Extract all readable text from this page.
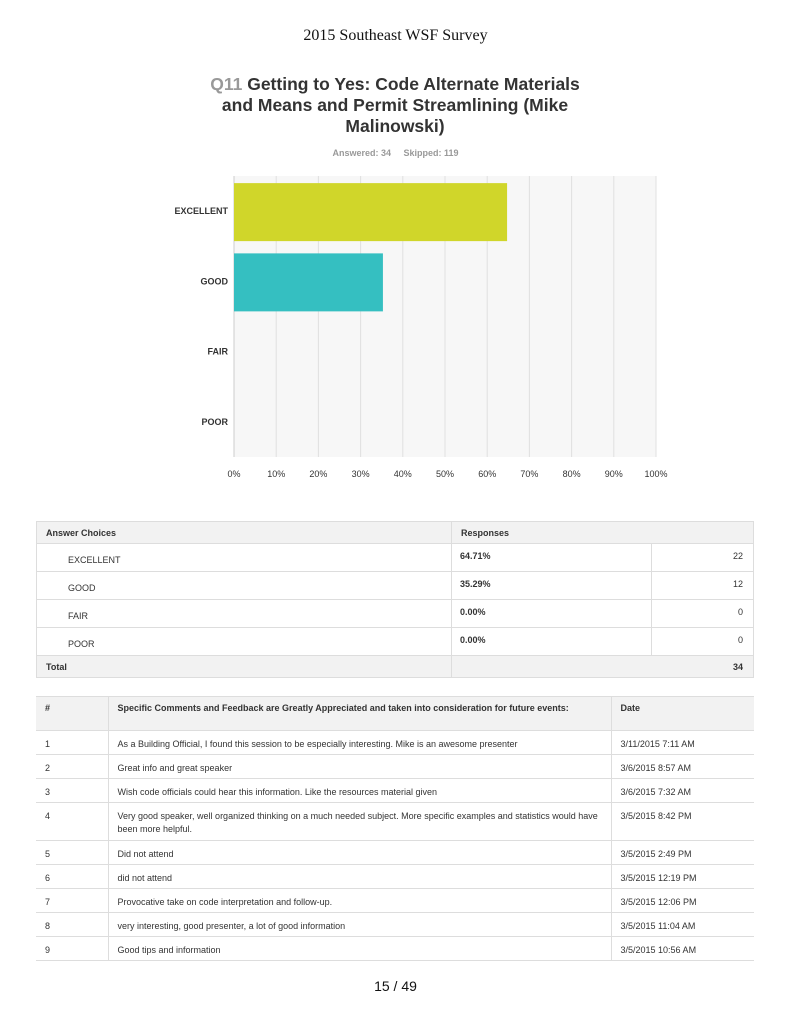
2015 Southeast WSF Survey
Q11 Getting to Yes: Code Alternate Materials and Means and Permit Streamlining (Mike Malinowski)
Answered: 34 Skipped: 119
0%	10%	20%	30%	40%	50%	60%	70%	80%	90% 100%
EXCELLENT
GOOD
FAIR
POOR
Answer Choices	Responses	
EXCELLENT	64.71%	22
GOOD	35.29%	12
FAIR	0.00%	0
POOR	0.00%	0
Total	34	
#	Specific Comments and Feedback are Greatly Appreciated and taken into consideration for future events:	Date
1	As a Building Official, I found this session to be especially interesting. Mike is an awesome presenter	3/11/2015 7:11 AM
2	Great info and great speaker	3/6/2015 8:57 AM
3	Wish code officials could hear this information. Like the resources material given	3/6/2015 7:32 AM
4	Very good speaker, well organized thinking on a much needed subject. More specific examples and statistics would have been more helpful.	3/5/2015 8:42 PM
5	Did not attend	3/5/2015 2:49 PM
6	did not attend	3/5/2015 12:19 PM
7	Provocative take on code interpretation and follow-up.	3/5/2015 12:06 PM
8	very interesting, good presenter, a lot of good information	3/5/2015 11:04 AM
9	Good tips and information	3/5/2015 10:56 AM
15 / 49
